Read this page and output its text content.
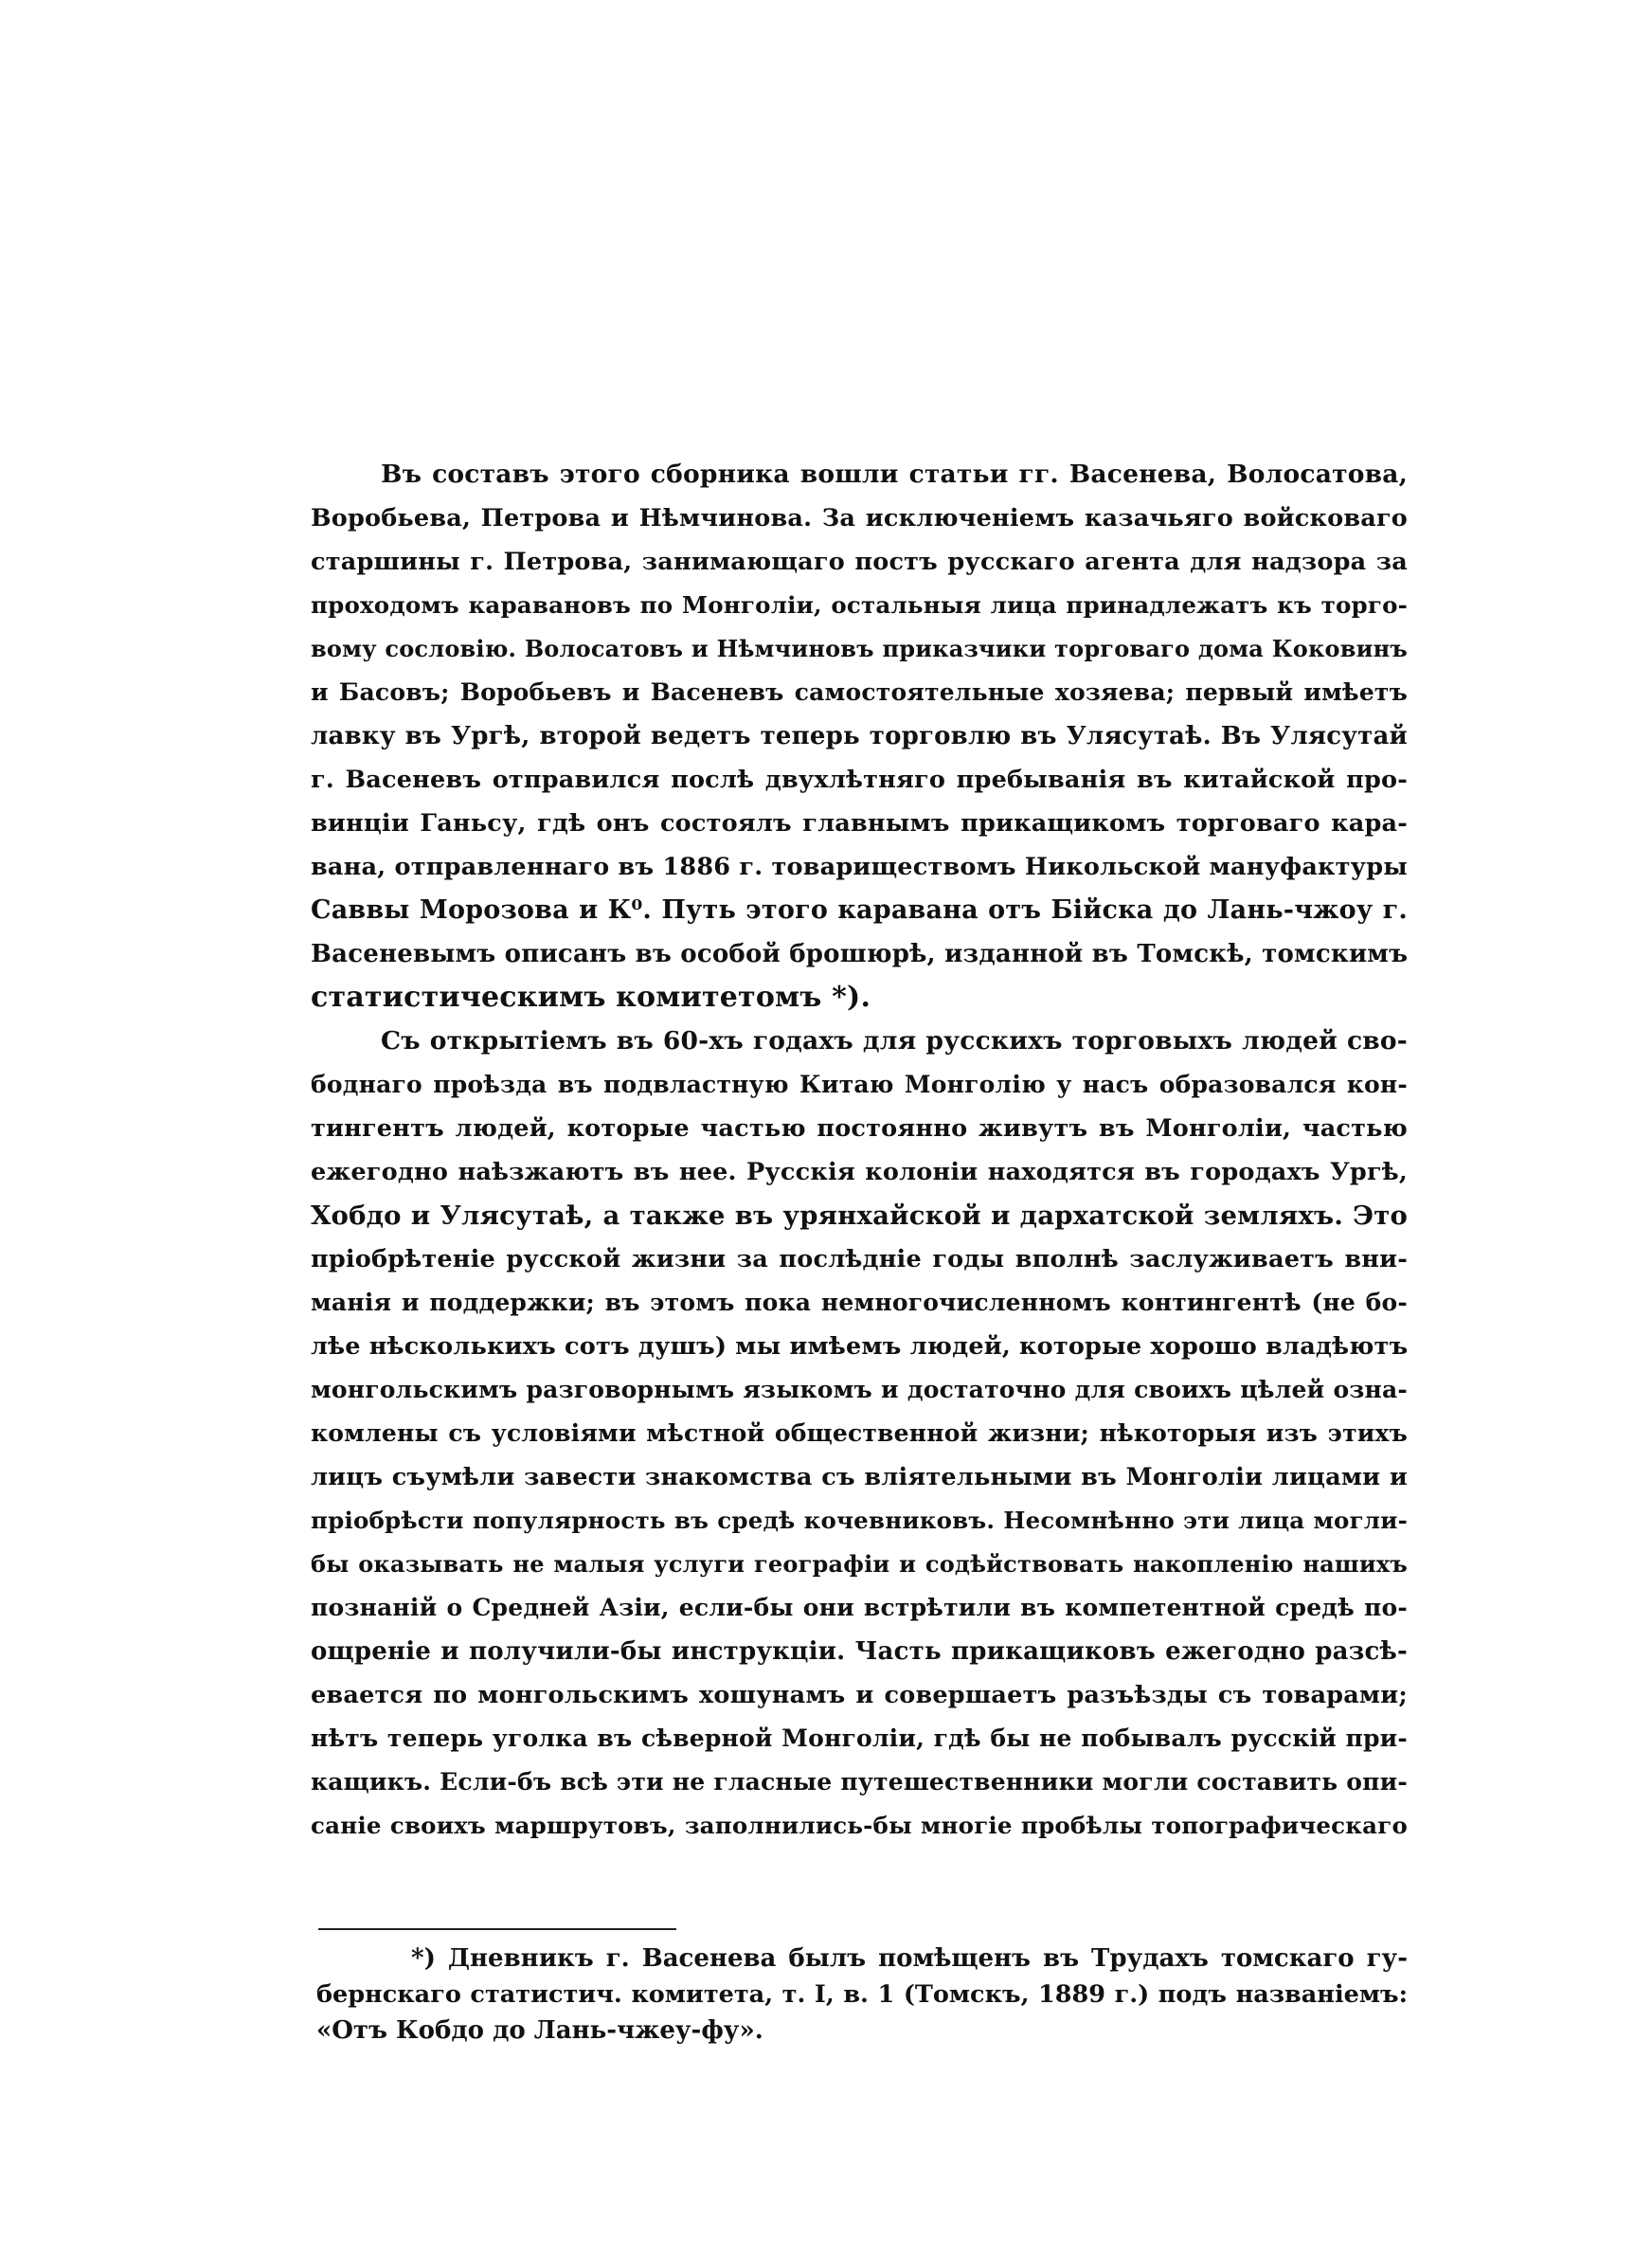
Въ составъ этого сборника вошли статьи гг. Васенева, Волосатова,
Воробьева, Петрова и Нѣмчинова. За исключеніемъ казачьяго войсковаго
старшины г. Петрова, занимающаго постъ русскаго агента для надзора за
проходомъ каравановъ по Монголіи, остальныя лица принадлежатъ къ торго-
вому сословію. Волосатовъ и Нѣмчиновъ приказчики торговаго дома Коковинъ
и Басовъ; Воробьевъ и Васеневъ самостоятельные хозяева; первый имѣетъ
лавку въ Ургѣ, второй ведетъ теперь торговлю въ Улясутаѣ. Въ Улясутай
г. Васеневъ отправился послѣ двухлѣтняго пребыванія въ китайской про-
винціи Ганьсу, гдѣ онъ состоялъ главнымъ прикащикомъ торговаго кара-
вана, отправленнаго въ 1886 г. товариществомъ Никольской мануфактуры
Саввы Морозова и К⁰. Путь этого каравана отъ Бійска до Лань-чжоу г.
Васеневымъ описанъ въ особой брошюрѣ, изданной въ Томскѣ, томскимъ
статистическимъ комитетомъ *).
Съ открытіемъ въ 60-хъ годахъ для русскихъ торговыхъ людей сво-
боднаго проѣзда въ подвластную Китаю Монголію у насъ образовался кон-
тингентъ людей, которые частью постоянно живутъ въ Монголіи, частью
ежегодно наѣзжаютъ въ нее. Русскія колоніи находятся въ городахъ Ургѣ,
Хобдо и Улясутаѣ, а также въ урянхайской и дархатской земляхъ. Это
пріобрѣтеніе русской жизни за послѣдніе годы вполнѣ заслуживаетъ вни-
манія и поддержки; въ этомъ пока немногочисленномъ контингентѣ (не бо-
лѣе нѣсколькихъ сотъ душъ) мы имѣемъ людей, которые хорошо владѣютъ
монгольскимъ разговорнымъ языкомъ и достаточно для своихъ цѣлей озна-
комлены съ условіями мѣстной общественной жизни; нѣкоторыя изъ этихъ
лицъ съумѣли завести знакомства съ вліятельными въ Монголіи лицами и
пріобрѣсти популярность въ средѣ кочевниковъ. Несомнѣнно эти лица могли-
бы оказывать не малыя услуги географіи и содѣйствовать накопленію нашихъ
познаній о Средней Азіи, если-бы они встрѣтили въ компетентной средѣ по-
ощреніе и получили-бы инструкціи. Часть прикащиковъ ежегодно разсѣ-
евается по монгольскимъ хошунамъ и совершаетъ разъѣзды съ товарами;
нѣтъ теперь уголка въ сѣверной Монголіи, гдѣ бы не побывалъ русскій при-
кащикъ. Если-бъ всѣ эти не гласные путешественники могли составить опи-
саніе своихъ маршрутовъ, заполнились-бы многіе пробѣлы топографическаго
*) Дневникъ г. Васенева былъ помѣщенъ въ Трудахъ томскаго гу-
бернскаго статистич. комитета, т. I, в. 1 (Томскъ, 1889 г.) подъ названіемъ:
«Отъ Кобдо до Лань-чжеу-фу».
